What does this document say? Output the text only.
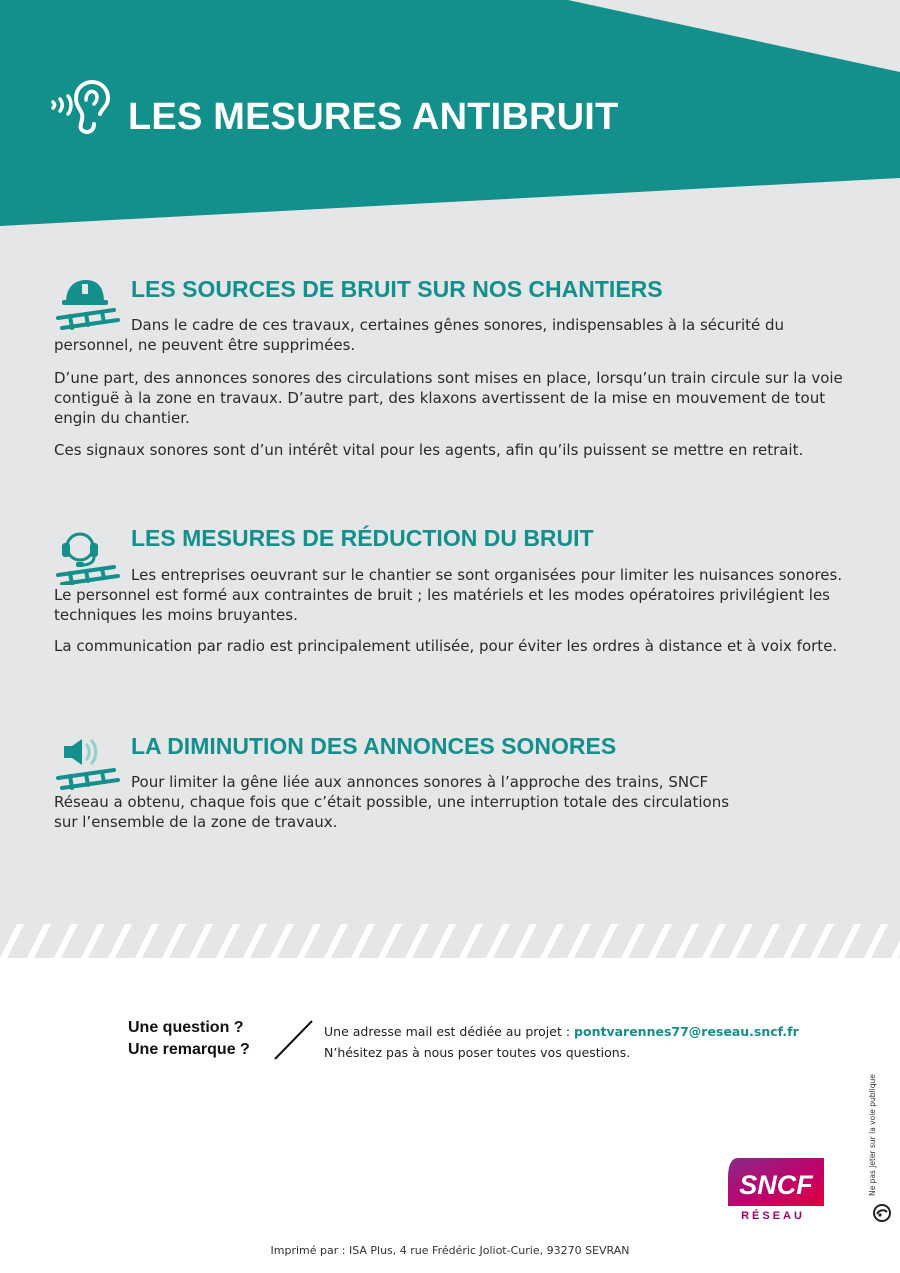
LES MESURES ANTIBRUIT
LES SOURCES DE BRUIT SUR NOS CHANTIERS

Dans le cadre de ces travaux, certaines gênes sonores, indispensables à la sécurité du personnel, ne peuvent être supprimées.

D’une part, des annonces sonores des circulations sont mises en place, lorsqu’un train circule sur la voie contiguë à la zone en travaux. D’autre part, des klaxons avertissent de la mise en mouvement de tout engin du chantier.

Ces signaux sonores sont d’un intérêt vital pour les agents, afin qu’ils puissent se mettre en retrait.

LES MESURES DE RÉDUCTION DU BRUIT

Les entreprises oeuvrant sur le chantier se sont organisées pour limiter les nuisances sonores. Le personnel est formé aux contraintes de bruit ; les matériels et les modes opératoires privilégient les techniques les moins bruyantes.

La communication par radio est principalement utilisée, pour éviter les ordres à distance et à voix forte.

LA DIMINUTION DES ANNONCES SONORES

Pour limiter la gêne liée aux annonces sonores à l’approche des trains, SNCF Réseau a obtenu, chaque fois que c’était possible, une interruption totale des circulations sur l’ensemble de la zone de travaux.

Une question ?
Une remarque ?
Une adresse mail est dédiée au projet : pontvarennes77@reseau.sncf.fr
N’hésitez pas à nous poser toutes vos questions.
Ne pas jeter sur la voie publique
SNCF
RÉSEAU
Imprimé par : ISA Plus, 4 rue Frédéric Joliot-Curie, 93270 SEVRAN
